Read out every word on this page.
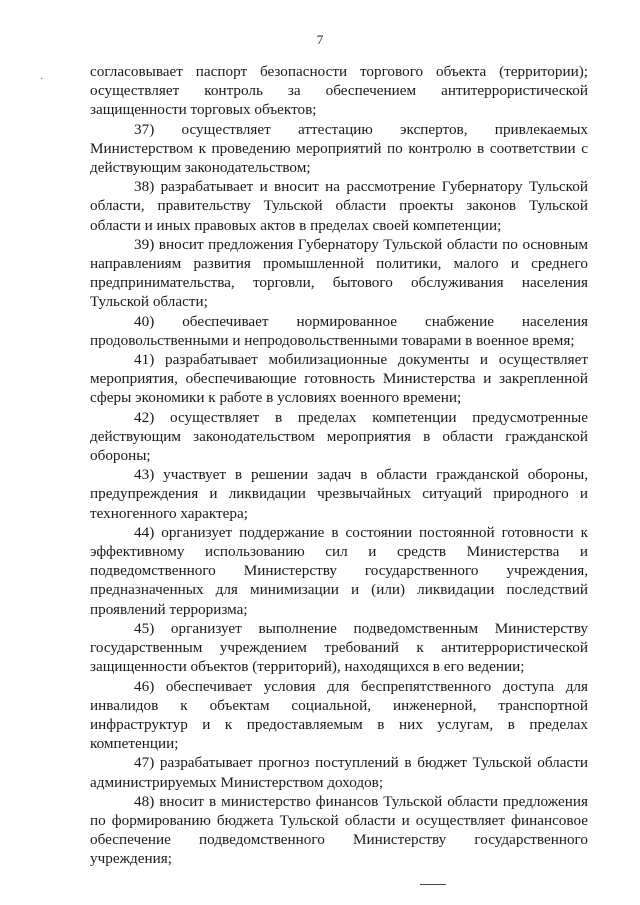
7
·	согласовывает паспорт безопасности торгового объекта (территории); осуществляет контроль за обеспечением антитеррористической защищенности торговых объектов;

37) осуществляет аттестацию экспертов, привлекаемых Министерством к проведению мероприятий по контролю в соответствии с действующим законодательством;

38) разрабатывает и вносит на рассмотрение Губернатору Тульской области, правительству Тульской области проекты законов Тульской области и иных правовых актов в пределах своей компетенции;

39) вносит предложения Губернатору Тульской области по основным направлениям развития промышленной политики, малого и среднего предпринимательства, торговли, бытового обслуживания населения Тульской области;

40) обеспечивает нормированное снабжение населения продовольственными и непродовольственными товарами в военное время;

41) разрабатывает мобилизационные документы и осуществляет мероприятия, обеспечивающие готовность Министерства и закрепленной сферы экономики к работе в условиях военного времени;

42) осуществляет в пределах компетенции предусмотренные действующим законодательством мероприятия в области гражданской обороны;

43) участвует в решении задач в области гражданской обороны, предупреждения и ликвидации чрезвычайных ситуаций природного и техногенного характера;

44) организует поддержание в состоянии постоянной готовности к эффективному использованию сил и средств Министерства и подведомственного Министерству государственного учреждения, предназначенных для минимизации и (или) ликвидации последствий проявлений терроризма;

45) организует выполнение подведомственным Министерству государственным учреждением требований к антитеррористической защищенности объектов (территорий), находящихся в его ведении;

46) обеспечивает условия для беспрепятственного доступа для инвалидов к объектам социальной, инженерной, транспортной инфраструктур и к предоставляемым в них услугам, в пределах компетенции;

47) разрабатывает прогноз поступлений в бюджет Тульской области администрируемых Министерством доходов;

48) вносит в министерство финансов Тульской области предложения по формированию бюджета Тульской области и осуществляет финансовое обеспечение подведомственного Министерству государственного учреждения;
